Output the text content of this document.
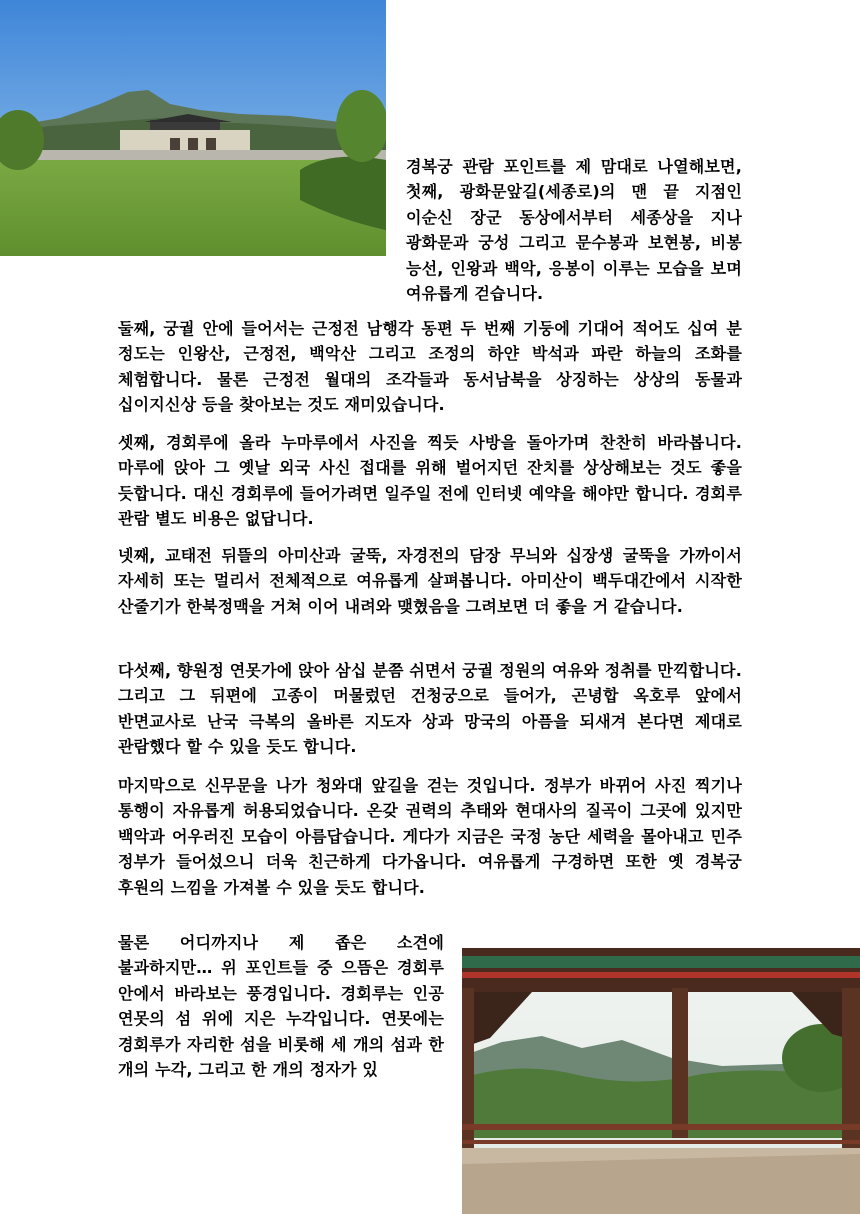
경복궁 관람 포인트를 제 맘대로 나열해보면, 첫째, 광화문앞길(세종로)의 맨 끝 지점인 이순신 장군 동상에서부터 세종상을 지나 광화문과 궁성 그리고 문수봉과 보현봉, 비봉 능선, 인왕과 백악, 응봉이 이루는 모습을 보며 여유롭게 걷습니다.

둘째, 궁궐 안에 들어서는 근정전 남행각 동편 두 번째 기둥에 기대어 적어도 십여 분 정도는 인왕산, 근정전, 백악산 그리고 조정의 하얀 박석과 파란 하늘의 조화를 체험합니다. 물론 근정전 월대의 조각들과 동서남북을 상징하는 상상의 동물과 십이지신상 등을 찾아보는 것도 재미있습니다.

셋째, 경회루에 올라 누마루에서 사진을 찍듯 사방을 돌아가며 찬찬히 바라봅니다. 마루에 앉아 그 옛날 외국 사신 접대를 위해 벌어지던 잔치를 상상해보는 것도 좋을 듯합니다. 대신 경회루에 들어가려면 일주일 전에 인터넷 예약을 해야만 합니다. 경회루 관람 별도 비용은 없답니다.

넷째, 교태전 뒤뜰의 아미산과 굴뚝, 자경전의 담장 무늬와 십장생 굴뚝을 가까이서 자세히 또는 멀리서 전체적으로 여유롭게 살펴봅니다. 아미산이 백두대간에서 시작한 산줄기가 한북정맥을 거쳐 이어 내려와 맺혔음을 그려보면 더 좋을 거 같습니다.

다섯째, 향원정 연못가에 앉아 삼십 분쯤 쉬면서 궁궐 정원의 여유와 정취를 만끽합니다. 그리고 그 뒤편에 고종이 머물렀던 건청궁으로 들어가, 곤녕합 옥호루 앞에서 반면교사로 난국 극복의 올바른 지도자 상과 망국의 아픔을 되새겨 본다면 제대로 관람했다 할 수 있을 듯도 합니다.

마지막으로 신무문을 나가 청와대 앞길을 걷는 것입니다. 정부가 바뀌어 사진 찍기나 통행이 자유롭게 허용되었습니다. 온갖 권력의 추태와 현대사의 질곡이 그곳에 있지만 백악과 어우러진 모습이 아름답습니다. 게다가 지금은 국정 농단 세력을 몰아내고 민주 정부가 들어섰으니 더욱 친근하게 다가옵니다. 여유롭게 구경하면 또한 옛 경복궁 후원의 느낌을 가져볼 수 있을 듯도 합니다.

물론 어디까지나 제 좁은 소견에 불과하지만… 위 포인트들 중 으뜸은 경회루 안에서 바라보는 풍경입니다. 경회루는 인공 연못의 섬 위에 지은 누각입니다. 연못에는 경회루가 자리한 섬을 비롯해 세 개의 섬과 한 개의 누각, 그리고 한 개의 정자가 있
